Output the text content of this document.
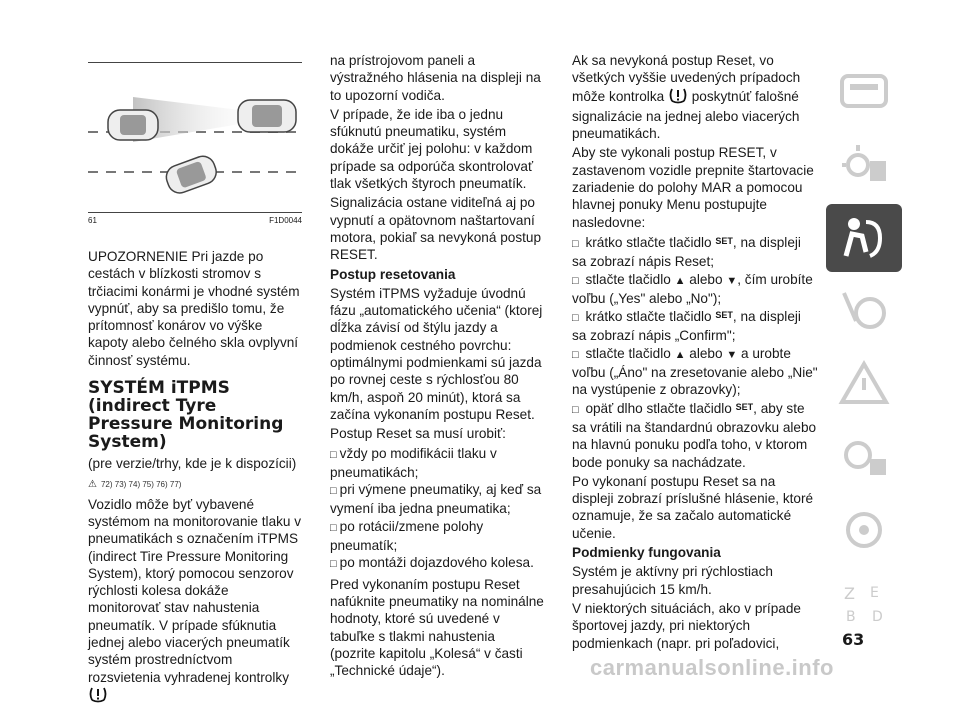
61	F1D0044

UPOZORNENIE Pri jazde po cestách v blízkosti stromov s trčiacimi konármi je vhodné systém vypnúť, aby sa predišlo tomu, že prítomnosť konárov vo výške kapoty alebo čelného skla ovplyvní činnosť systému.

SYSTÉM iTPMS (indirect Tyre Pressure Monitoring System)

(pre verzie/trhy, kde je k dispozícii)

⚠ 72) 73) 74) 75) 76) 77)

Vozidlo môže byť vybavené systémom na monitorovanie tlaku v pneumatikách s označením iTPMS (indirect Tire Pressure Monitoring System), ktorý pomocou senzorov rýchlosti kolesa dokáže monitorovať stav nahustenia pneumatík. V prípade sfúknutia jednej alebo viacerých pneumatík systém prostredníctvom rozsvietenia vyhradenej kontrolky

na prístrojovom paneli a výstražného hlásenia na displeji na to upozorní vodiča.

V prípade, že ide iba o jednu sfúknutú pneumatiku, systém dokáže určiť jej polohu: v každom prípade sa odporúča skontrolovať tlak všetkých štyroch pneumatík.

Signalizácia ostane viditeľná aj po vypnutí a opätovnom naštartovaní motora, pokiaľ sa nevykoná postup RESET.

Postup resetovania

Systém iTPMS vyžaduje úvodnú fázu „automatického učenia“ (ktorej dĺžka závisí od štýlu jazdy a podmienok cestného povrchu: optimálnymi podmienkami sú jazda po rovnej ceste s rýchlosťou 80 km/h, aspoň 20 minút), ktorá sa začína vykonaním postupu Reset.

Postup Reset sa musí urobiť:

□ vždy po modifikácii tlaku v pneumatikách;

□ pri výmene pneumatiky, aj keď sa vymení iba jedna pneumatika;

□ po rotácii/zmene polohy pneumatík;

□ po montáži dojazdového kolesa.

Pred vykonaním postupu Reset nafúknite pneumatiky na nominálne hodnoty, ktoré sú uvedené v tabuľke s tlakmi nahustenia (pozrite kapitolu „Kolesá“ v časti „Technické údaje“).

Ak sa nevykoná postup Reset, vo všetkých vyššie uvedených prípadoch môže kontrolka poskytnúť falošné signalizácie na jednej alebo viacerých pneumatikách.

Aby ste vykonali postup RESET, v zastavenom vozidle prepnite štartovacie zariadenie do polohy MAR a pomocou hlavnej ponuky Menu postupujte nasledovne:

□ krátko stlačte tlačidlo $^{SET}$, na displeji sa zobrazí nápis Reset;

□ stlačte tlačidlo ▲ alebo ▼, čím urobíte voľbu („Yes" alebo „No");

□ krátko stlačte tlačidlo $^{SET}$, na displeji sa zobrazí nápis „Confirm";

□ stlačte tlačidlo ▲ alebo ▼ a urobte voľbu („Áno" na zresetovanie alebo „Nie" na vystúpenie z obrazovky);

□ opäť dlho stlačte tlačidlo $^{SET}$, aby ste sa vrátili na štandardnú obrazovku alebo na hlavnú ponuku podľa toho, v ktorom bode ponuky sa nachádzate.

Po vykonaní postupu Reset sa na displeji zobrazí príslušné hlásenie, ktoré oznamuje, že sa začalo automatické učenie.

Podmienky fungovania

Systém je aktívny pri rýchlostiach presahujúcich 15 km/h.

V niektorých situáciách, ako v prípade športovej jazdy, pri niektorých podmienkach (napr. pri poľadovici,

Z E
B D
63
carmanualsonline.info
